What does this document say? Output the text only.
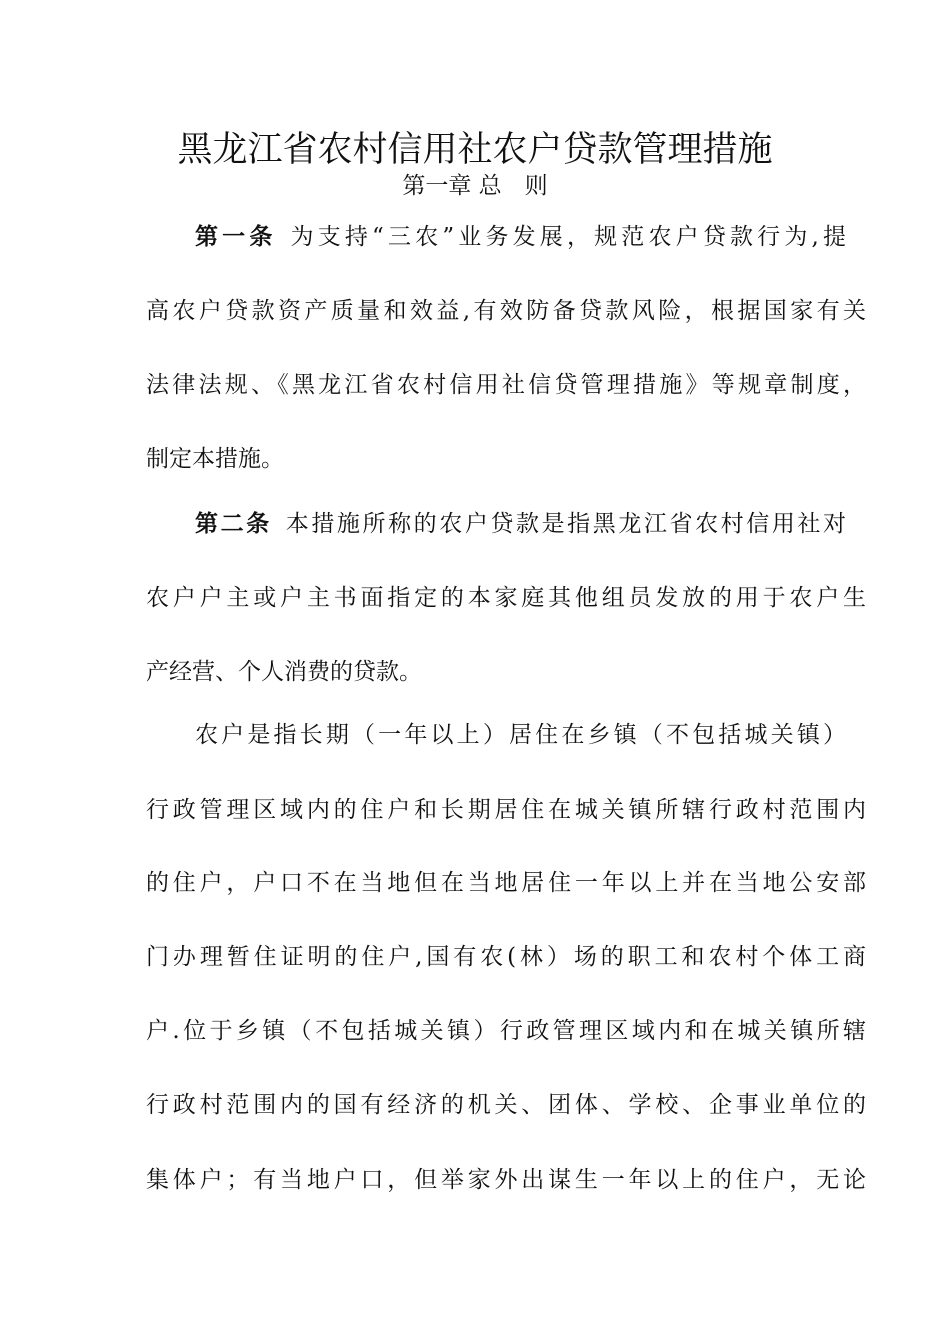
黑龙江省农村信用社农户贷款管理措施
第一章 总　则
第一条 为支持“三农”业务发展，规范农户贷款行为,提
高农户贷款资产质量和效益,有效防备贷款风险，根据国家有关
法律法规、《黑龙江省农村信用社信贷管理措施》等规章制度，
制定本措施。
第二条 本措施所称的农户贷款是指黑龙江省农村信用社对
农户户主或户主书面指定的本家庭其他组员发放的用于农户生
产经营、个人消费的贷款。
农户是指长期（一年以上）居住在乡镇（不包括城关镇）
行政管理区域内的住户和长期居住在城关镇所辖行政村范围内
的住户，户口不在当地但在当地居住一年以上并在当地公安部
门办理暂住证明的住户,国有农(林）场的职工和农村个体工商
户.位于乡镇（不包括城关镇）行政管理区域内和在城关镇所辖
行政村范围内的国有经济的机关、团体、学校、企事业单位的
集体户；有当地户口，但举家外出谋生一年以上的住户，无论
